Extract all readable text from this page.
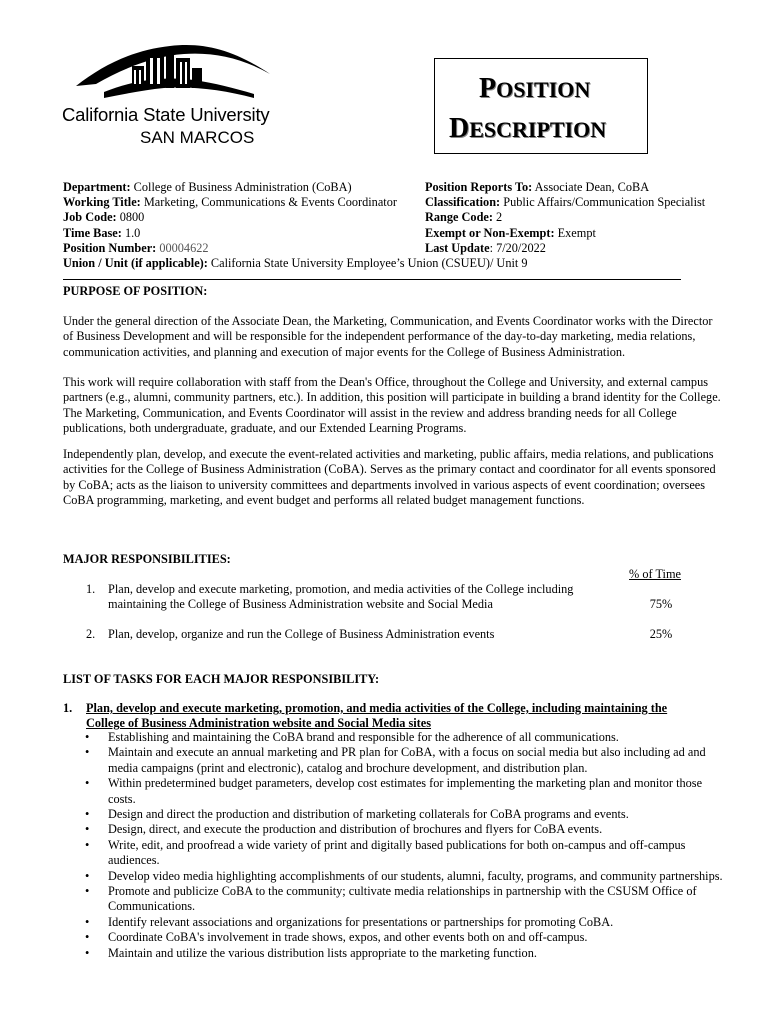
California State University
SAN MARCOS
POSITION
DESCRIPTION
Department: College of Business Administration (CoBA)
Working Title: Marketing, Communications & Events Coordinator
Job Code: 0800
Time Base: 1.0
Position Number: 00004622
Position Reports To: Associate Dean, CoBA
Classification: Public Affairs/Communication Specialist
Range Code: 2
Exempt or Non-Exempt: Exempt
Last Update: 7/20/2022
Union / Unit (if applicable): California State University Employee’s Union (CSUEU)/ Unit 9
PURPOSE OF POSITION:
Under the general direction of the Associate Dean, the Marketing, Communication, and Events Coordinator works with the Director of Business Development and will be responsible for the independent performance of the day-to-day marketing, media relations, communication activities, and planning and execution of major events for the College of Business Administration.
This work will require collaboration with staff from the Dean's Office, throughout the College and University, and external campus partners (e.g., alumni, community partners, etc.). In addition, this position will participate in building a brand identity for the College. The Marketing, Communication, and Events Coordinator will assist in the review and address branding needs for all College publications, both undergraduate, graduate, and our Extended Learning Programs.
Independently plan, develop, and execute the event-related activities and marketing, public affairs, media relations, and publications activities for the College of Business Administration (CoBA). Serves as the primary contact and coordinator for all events sponsored by CoBA; acts as the liaison to university committees and departments involved in various aspects of event coordination; oversees CoBA programming, marketing, and event budget and performs all related budget management functions.
MAJOR RESPONSIBILITIES:
% of Time
1. Plan, develop and execute marketing, promotion, and media activities of the College including maintaining the College of Business Administration website and Social Media	75%
2. Plan, develop, organize and run the College of Business Administration events	25%
LIST OF TASKS FOR EACH MAJOR RESPONSIBILITY:
1. Plan, develop and execute marketing, promotion, and media activities of the College, including maintaining the College of Business Administration website and Social Media sites
• Establishing and maintaining the CoBA brand and responsible for the adherence of all communications.
• Maintain and execute an annual marketing and PR plan for CoBA, with a focus on social media but also including ad and media campaigns (print and electronic), catalog and brochure development, and distribution plan.
• Within predetermined budget parameters, develop cost estimates for implementing the marketing plan and monitor those costs.
• Design and direct the production and distribution of marketing collaterals for CoBA programs and events.
• Design, direct, and execute the production and distribution of brochures and flyers for CoBA events.
• Write, edit, and proofread a wide variety of print and digitally based publications for both on-campus and off-campus audiences.
• Develop video media highlighting accomplishments of our students, alumni, faculty, programs, and community partnerships.
• Promote and publicize CoBA to the community; cultivate media relationships in partnership with the CSUSM Office of Communications.
• Identify relevant associations and organizations for presentations or partnerships for promoting CoBA.
• Coordinate CoBA's involvement in trade shows, expos, and other events both on and off-campus.
• Maintain and utilize the various distribution lists appropriate to the marketing function.
